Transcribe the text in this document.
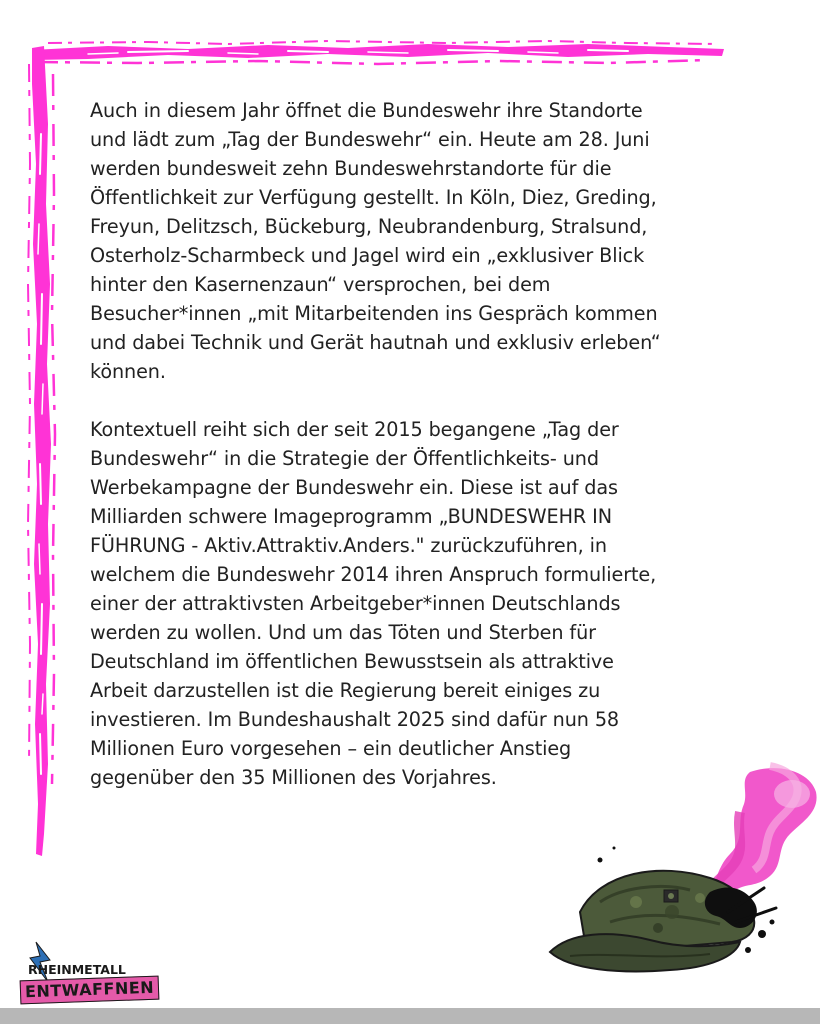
Auch in diesem Jahr öffnet die Bundeswehr ihre Standorte

und lädt zum „Tag der Bundeswehr“ ein. Heute am 28. Juni

werden bundesweit zehn Bundeswehrstandorte für die

Öffentlichkeit zur Verfügung gestellt. In Köln, Diez, Greding,

Freyun, Delitzsch, Bückeburg, Neubrandenburg, Stralsund,

Osterholz-Scharmbeck und Jagel wird ein „exklusiver Blick

hinter den Kasernenzaun“ versprochen, bei dem

Besucher*innen „mit Mitarbeitenden ins Gespräch kommen

und dabei Technik und Gerät hautnah und exklusiv erleben“

können.

Kontextuell reiht sich der seit 2015 begangene „Tag der

Bundeswehr“ in die Strategie der Öffentlichkeits- und

Werbekampagne der Bundeswehr ein. Diese ist auf das

Milliarden schwere Imageprogramm „BUNDESWEHR IN

FÜHRUNG - Aktiv.Attraktiv.Anders." zurückzuführen, in

welchem die Bundeswehr 2014 ihren Anspruch formulierte,

einer der attraktivsten Arbeitgeber*innen Deutschlands

werden zu wollen. Und um das Töten und Sterben für

Deutschland im öffentlichen Bewusstsein als attraktive

Arbeit darzustellen ist die Regierung bereit einiges zu

investieren. Im Bundeshaushalt 2025 sind dafür nun 58

Millionen Euro vorgesehen – ein deutlicher Anstieg

gegenüber den 35 Millionen des Vorjahres.

RHEINMETALL
ENTWAFFNEN
